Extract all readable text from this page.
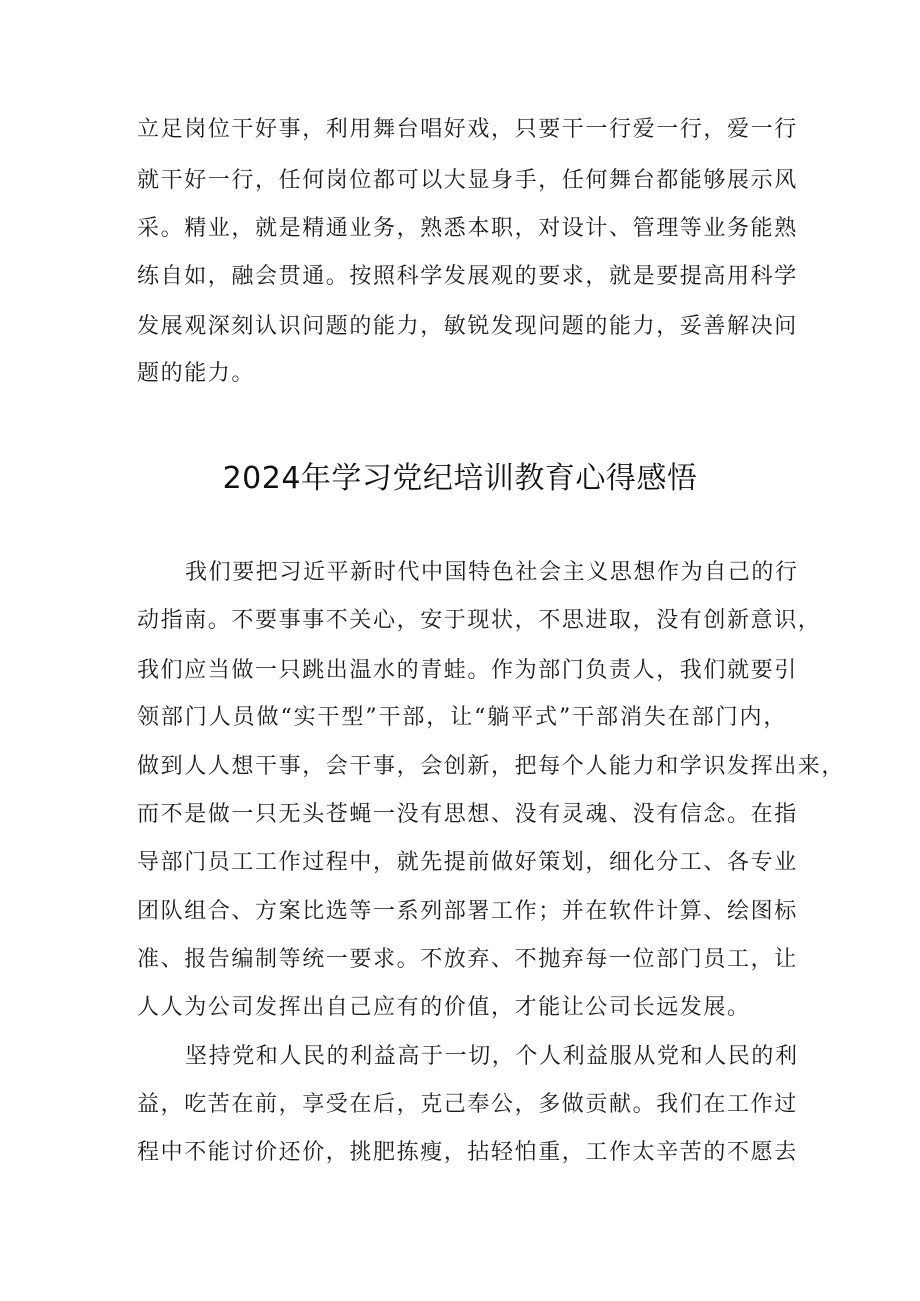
立足岗位干好事，利用舞台唱好戏，只要干一行爱一行，爱一行
就干好一行，任何岗位都可以大显身手，任何舞台都能够展示风
采。精业，就是精通业务，熟悉本职，对设计、管理等业务能熟
练自如，融会贯通。按照科学发展观的要求，就是要提高用科学
发展观深刻认识问题的能力，敏锐发现问题的能力，妥善解决问
题的能力。
2024年学习党纪培训教育心得感悟
我们要把习近平新时代中国特色社会主义思想作为自己的行
动指南。不要事事不关心，安于现状，不思进取，没有创新意识，
我们应当做一只跳出温水的青蛙。作为部门负责人，我们就要引
领部门人员做“实干型”干部，让“躺平式”干部消失在部门内，
做到人人想干事，会干事，会创新，把每个人能力和学识发挥出来，
而不是做一只无头苍蝇一没有思想、没有灵魂、没有信念。在指
导部门员工工作过程中，就先提前做好策划，细化分工、各专业
团队组合、方案比选等一系列部署工作；并在软件计算、绘图标
准、报告编制等统一要求。不放弃、不抛弃每一位部门员工，让
人人为公司发挥出自己应有的价值，才能让公司长远发展。
坚持党和人民的利益高于一切，个人利益服从党和人民的利
益，吃苦在前，享受在后，克己奉公，多做贡献。我们在工作过
程中不能讨价还价，挑肥拣瘦，拈轻怕重，工作太辛苦的不愿去
